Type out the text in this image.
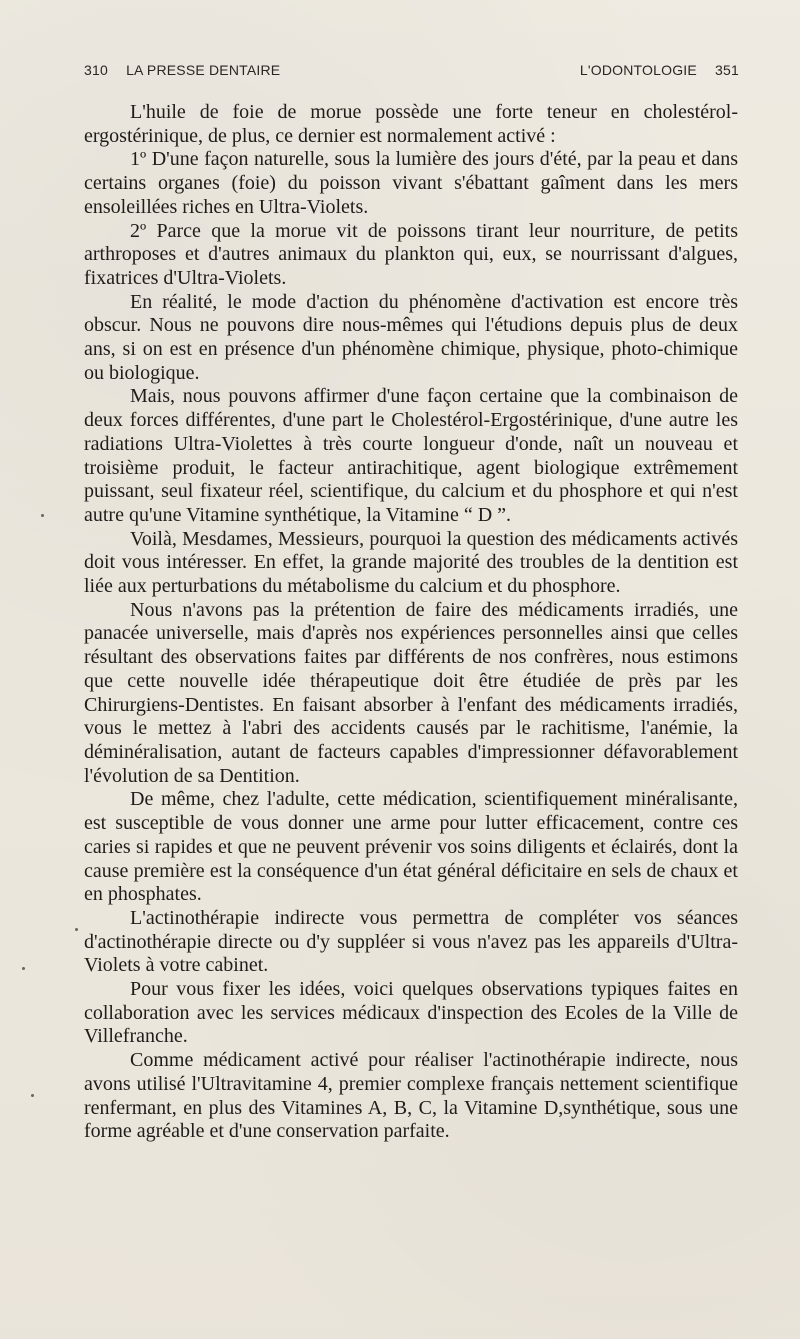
310 LA PRESSE DENTAIRE	L'ODONTOLOGIE 351

L'huile de foie de morue possède une forte teneur en cholestérol-ergostérinique, de plus, ce dernier est normalement activé :

1º D'une façon naturelle, sous la lumière des jours d'été, par la peau et dans certains organes (foie) du poisson vivant s'ébattant gaîment dans les mers ensoleillées riches en Ultra-Violets.

2º Parce que la morue vit de poissons tirant leur nourriture, de petits arthroposes et d'autres animaux du plankton qui, eux, se nourrissant d'algues, fixatrices d'Ultra-Violets.

En réalité, le mode d'action du phénomène d'activation est encore très obscur. Nous ne pouvons dire nous-mêmes qui l'étudions depuis plus de deux ans, si on est en présence d'un phénomène chimique, physique, photo-chimique ou biologique.

Mais, nous pouvons affirmer d'une façon certaine que la combinaison de deux forces différentes, d'une part le Cholestérol-Ergostérinique, d'une autre les radiations Ultra-Violettes à très courte longueur d'onde, naît un nouveau et troisième produit, le facteur antirachitique, agent biologique extrêmement puissant, seul fixateur réel, scientifique, du calcium et du phosphore et qui n'est autre qu'une Vitamine synthétique, la Vitamine “ D ”.

Voilà, Mesdames, Messieurs, pourquoi la question des médicaments activés doit vous intéresser. En effet, la grande majorité des troubles de la dentition est liée aux perturbations du métabolisme du calcium et du phosphore.

Nous n'avons pas la prétention de faire des médicaments irradiés, une panacée universelle, mais d'après nos expériences personnelles ainsi que celles résultant des observations faites par différents de nos confrères, nous estimons que cette nouvelle idée thérapeutique doit être étudiée de près par les Chirurgiens-Dentistes. En faisant absorber à l'enfant des médicaments irradiés, vous le mettez à l'abri des accidents causés par le rachitisme, l'anémie, la déminéralisation, autant de facteurs capables d'impressionner défavorablement l'évolution de sa Dentition.

De même, chez l'adulte, cette médication, scientifiquement minéralisante, est susceptible de vous donner une arme pour lutter efficacement, contre ces caries si rapides et que ne peuvent prévenir vos soins diligents et éclairés, dont la cause première est la conséquence d'un état général déficitaire en sels de chaux et en phosphates.

L'actinothérapie indirecte vous permettra de compléter vos séances d'actinothérapie directe ou d'y suppléer si vous n'avez pas les appareils d'Ultra-Violets à votre cabinet.

Pour vous fixer les idées, voici quelques observations typiques faites en collaboration avec les services médicaux d'inspection des Ecoles de la Ville de Villefranche.

Comme médicament activé pour réaliser l'actinothérapie indirecte, nous avons utilisé l'Ultravitamine 4, premier complexe français nettement scientifique renfermant, en plus des Vitamines A, B, C, la Vitamine D,synthétique, sous une forme agréable et d'une conservation parfaite.
